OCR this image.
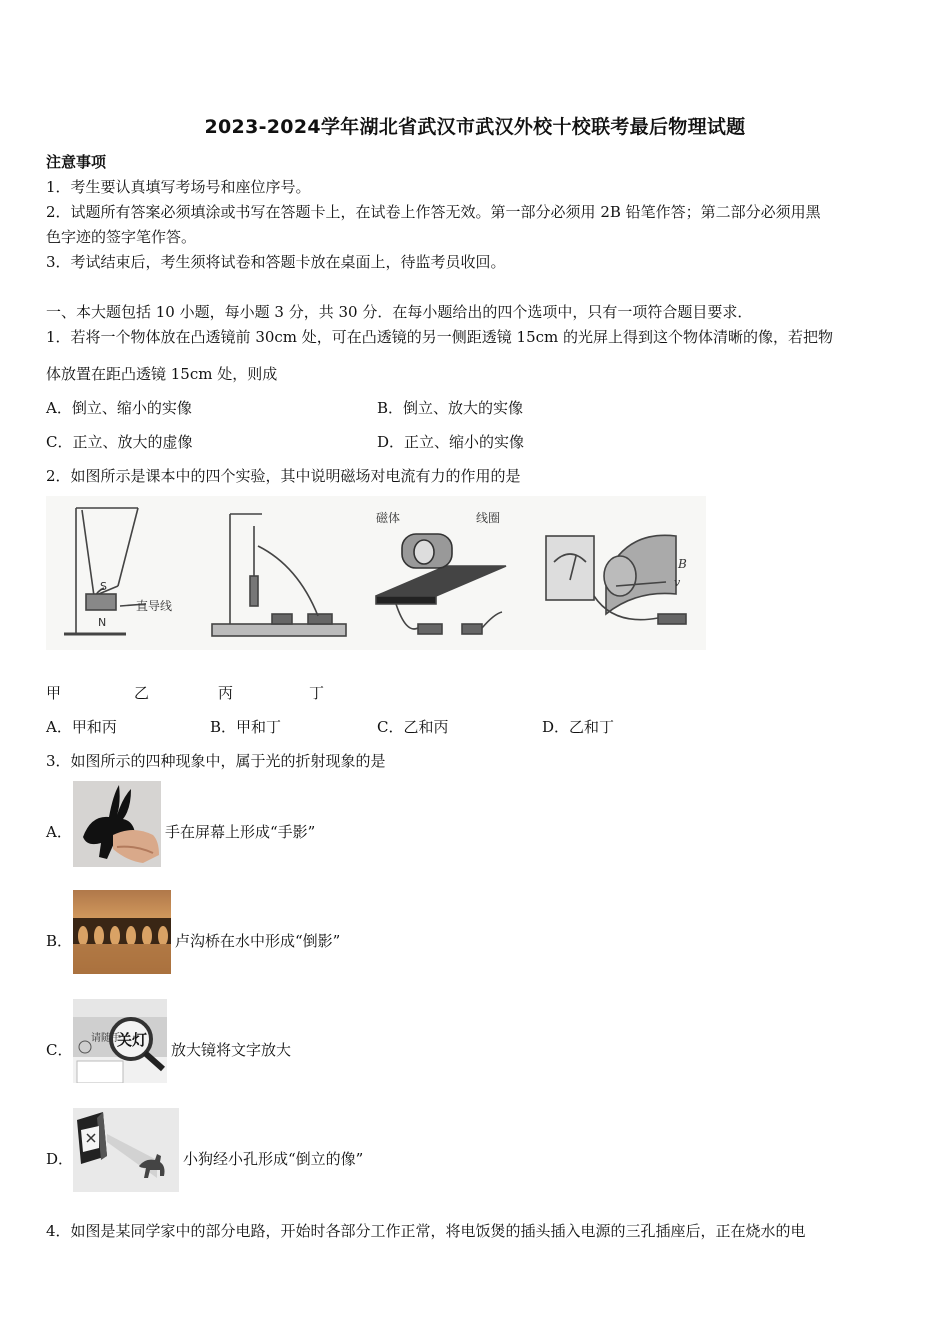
2023-2024学年湖北省武汉市武汉外校十校联考最后物理试题
注意事项
1．考生要认真填写考场号和座位序号。
2．试题所有答案必须填涂或书写在答题卡上，在试卷上作答无效。第一部分必须用 2B 铅笔作答；第二部分必须用黑
色字迹的签字笔作答。
3．考试结束后，考生须将试卷和答题卡放在桌面上，待监考员收回。
一、本大题包括 10 小题，每小题 3 分，共 30 分．在每小题给出的四个选项中，只有一项符合题目要求．
1．若将一个物体放在凸透镜前 30cm 处，可在凸透镜的另一侧距透镜 15cm 的光屏上得到这个物体清晰的像，若把物
体放置在距凸透镜 15cm 处，则成
A．倒立、缩小的实像	B．倒立、放大的实像
C．正立、放大的虚像	D．正立、缩小的实像
2．如图所示是课本中的四个实验，其中说明磁场对电流有力的作用的是
S
N
直导线
磁体	线圈
B
v
甲	乙	丙	丁
A．甲和丙	B．甲和丁	C．乙和丙	D．乙和丁
3．如图所示的四种现象中，属于光的折射现象的是
A．	手在屏幕上形成“手影”
B．	卢沟桥在水中形成“倒影”
C．
请随手
关灯
放大镜将文字放大
D．	小狗经小孔形成“倒立的像”
4．如图是某同学家中的部分电路，开始时各部分工作正常，将电饭煲的插头插入电源的三孔插座后，正在烧水的电
